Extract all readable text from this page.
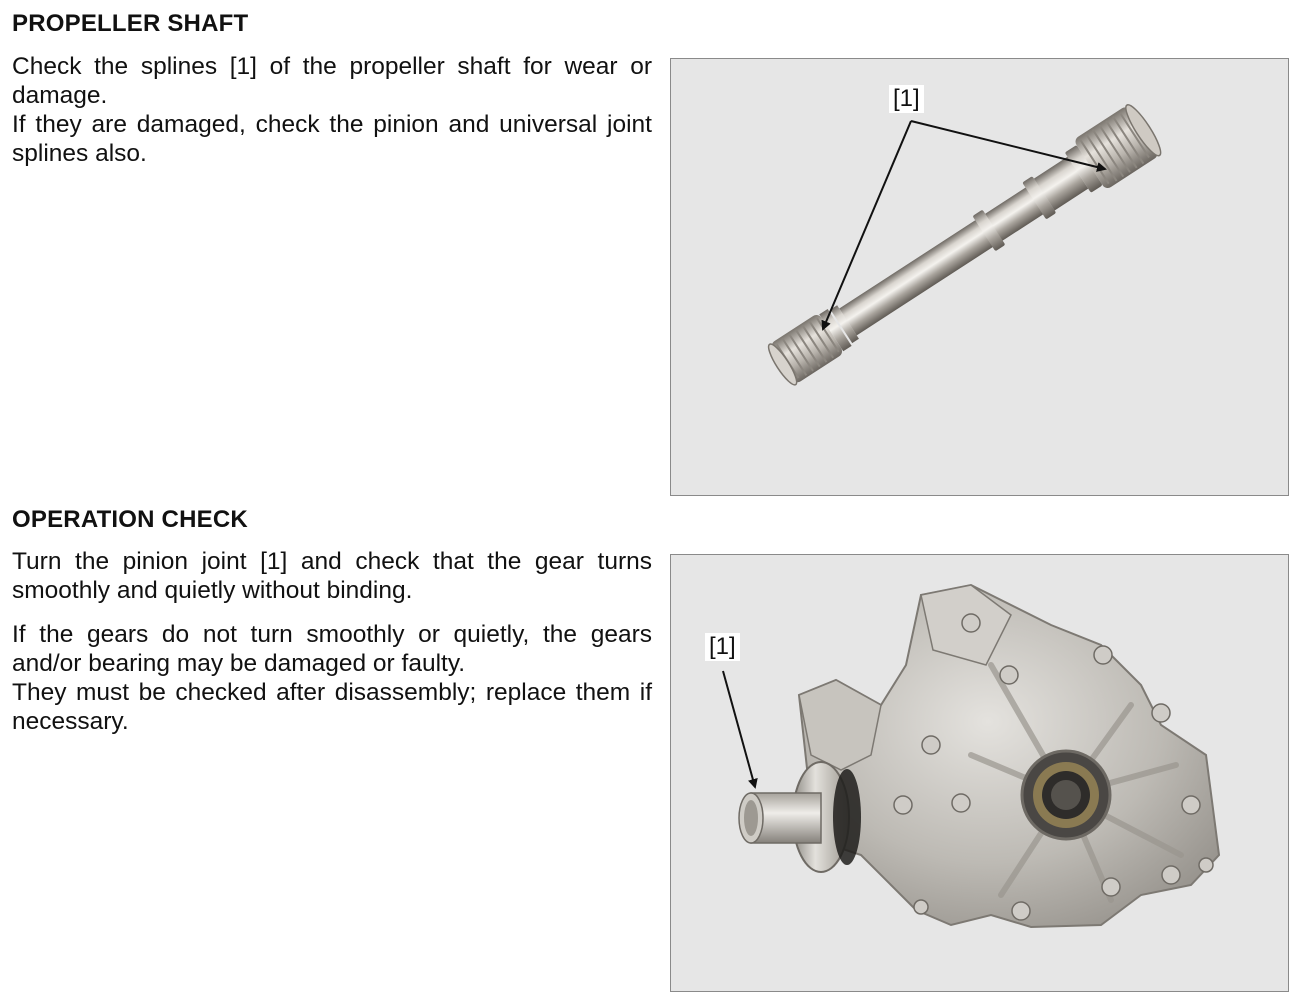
PROPELLER SHAFT

Check the splines [1] of the propeller shaft for wear or damage.

If they are damaged, check the pinion and universal joint splines also.

[1]
OPERATION CHECK

Turn the pinion joint [1] and check that the gear turns smoothly and quietly without binding.

If the gears do not turn smoothly or quietly, the gears and/or bearing may be damaged or faulty.

They must be checked after disassembly; replace them if necessary.

[1]
